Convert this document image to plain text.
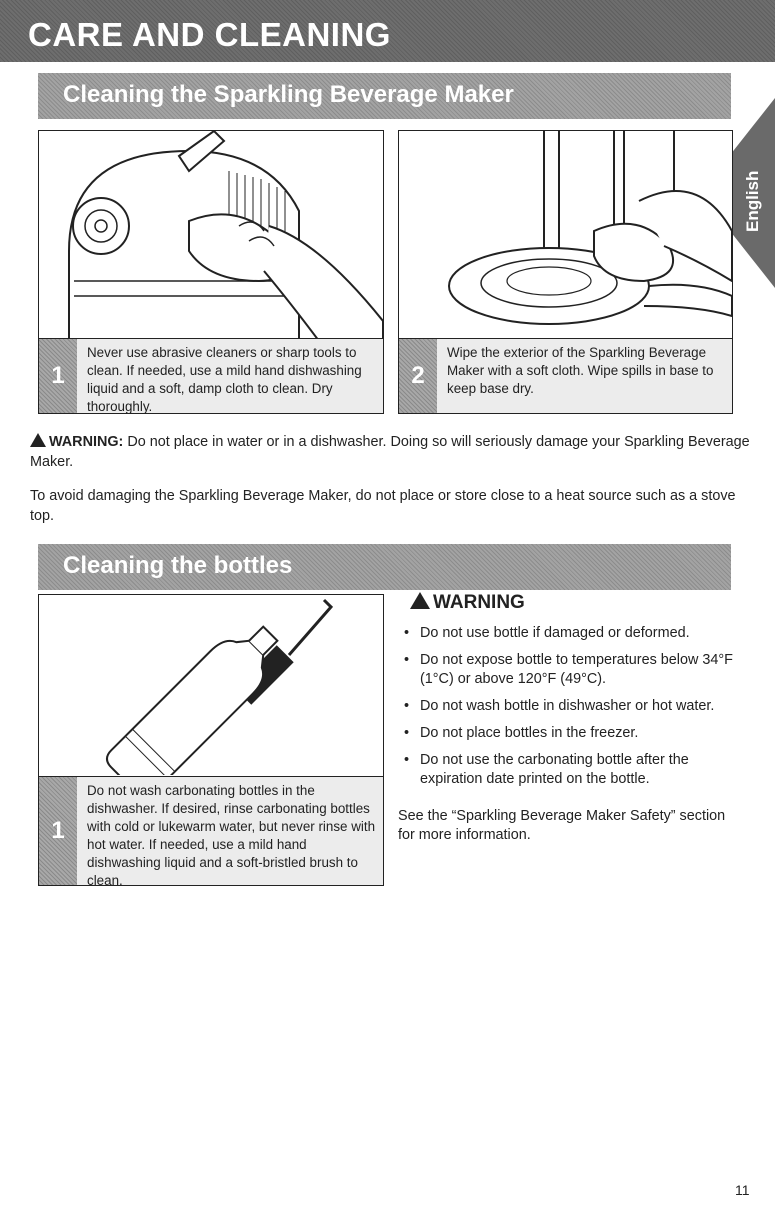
CARE AND CLEANING
English
Cleaning the Sparkling Beverage Maker
1
Never use abrasive cleaners or sharp tools to clean. If needed, use a mild hand dishwashing liquid and a soft, damp cloth to clean. Dry thoroughly.
2
Wipe the exterior of the Sparkling Beverage Maker with a soft cloth. Wipe spills in base to keep base dry.

WARNING: Do not place in water or in a dishwasher. Doing so will seriously damage your Sparkling Beverage Maker.

To avoid damaging the Sparkling Beverage Maker, do not place or store close to a heat source such as a stove top.

Cleaning the bottles
1
Do not wash carbonating bottles in the dishwasher. If desired, rinse carbonating bottles with cold or lukewarm water, but never rinse with hot water. If needed, use a mild hand dishwashing liquid and a soft-bristled brush to clean.
WARNING
• Do not use bottle if damaged or deformed.
• Do not expose bottle to temperatures below 34°F (1°C) or above 120°F (49°C).
• Do not wash bottle in dishwasher or hot water.
• Do not place bottles in the freezer.
• Do not use the carbonating bottle after the expiration date printed on the bottle.

See the “Sparkling Beverage Maker Safety” section for more information.

11
